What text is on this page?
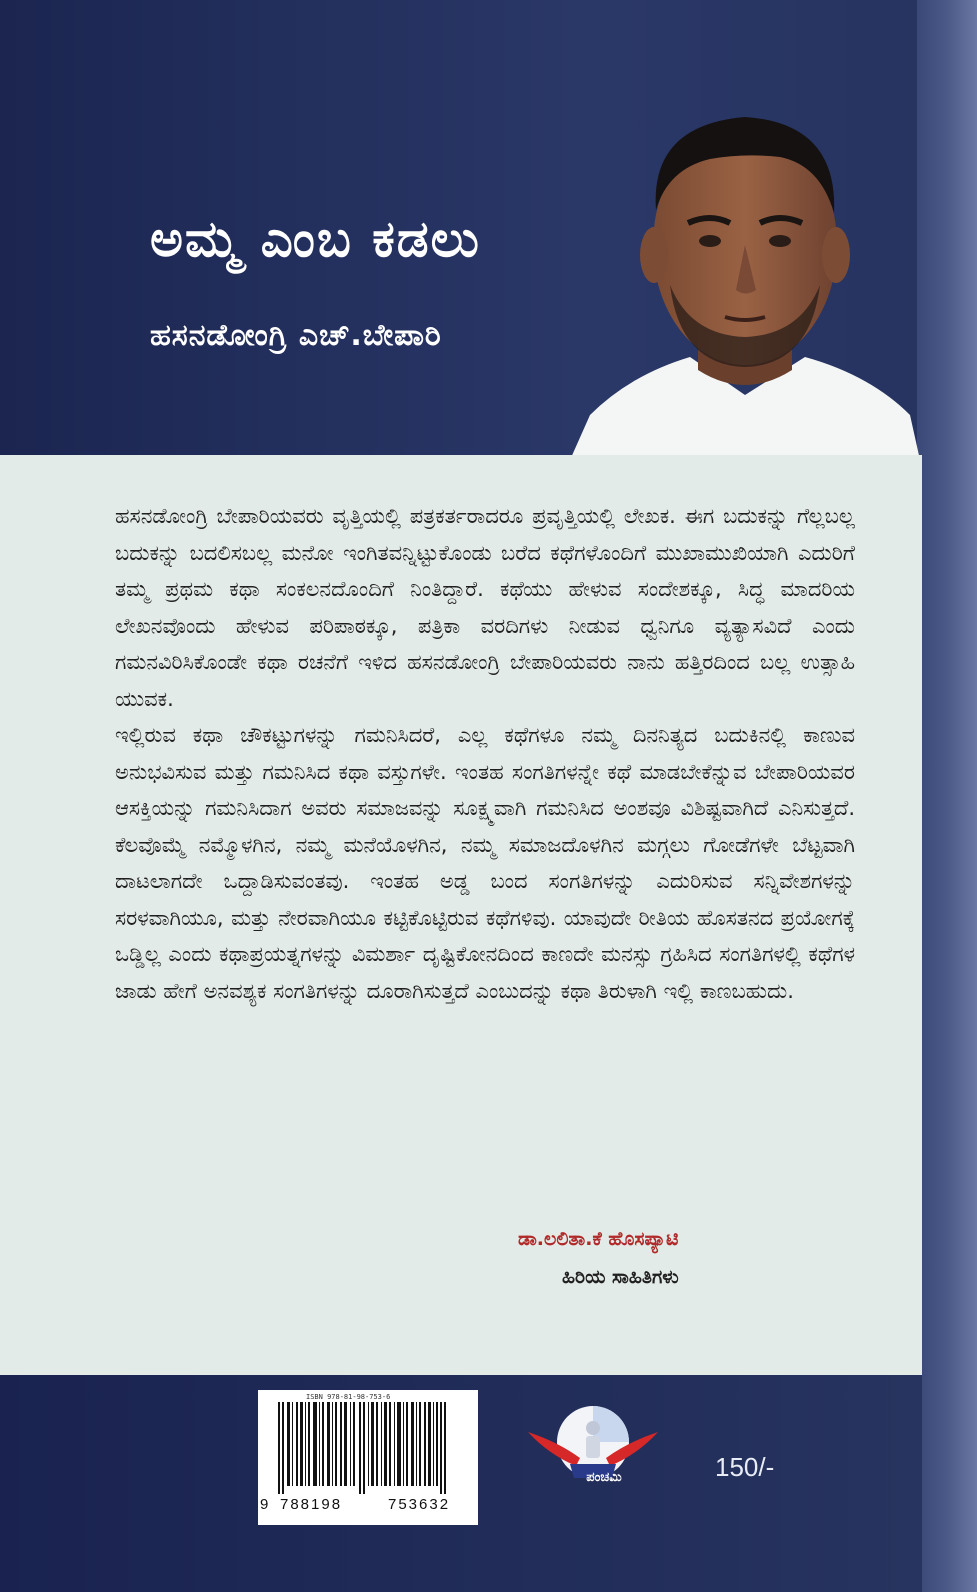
ಅಮ್ಮ ಎಂಬ ಕಡಲು
ಹಸನಡೋಂಗ್ರಿ ಎಚ್.ಬೇಪಾರಿ

ಹಸನಡೋಂಗ್ರಿ ಬೇಪಾರಿಯವರು ವೃತ್ತಿಯಲ್ಲಿ ಪತ್ರಕರ್ತರಾದರೂ ಪ್ರವೃತ್ತಿಯಲ್ಲಿ ಲೇಖಕ. ಈಗ ಬದುಕನ್ನು ಗೆಲ್ಲಬಲ್ಲ ಬದುಕನ್ನು ಬದಲಿಸಬಲ್ಲ ಮನೋ ಇಂಗಿತವನ್ನಿಟ್ಟುಕೊಂಡು ಬರೆದ ಕಥೆಗಳೊಂದಿಗೆ ಮುಖಾಮುಖಿಯಾಗಿ ಎದುರಿಗೆ ತಮ್ಮ ಪ್ರಥಮ ಕಥಾ ಸಂಕಲನದೊಂದಿಗೆ ನಿಂತಿದ್ದಾರೆ. ಕಥೆಯು ಹೇಳುವ ಸಂದೇಶಕ್ಕೂ, ಸಿದ್ಧ ಮಾದರಿಯ ಲೇಖನವೊಂದು ಹೇಳುವ ಪರಿಪಾಠಕ್ಕೂ, ಪತ್ರಿಕಾ ವರದಿಗಳು ನೀಡುವ ಧ್ವನಿಗೂ ವ್ಯತ್ಯಾಸವಿದೆ ಎಂದು ಗಮನವಿರಿಸಿಕೊಂಡೇ ಕಥಾ ರಚನೆಗೆ ಇಳಿದ ಹಸನಡೋಂಗ್ರಿ ಬೇಪಾರಿಯವರು ನಾನು ಹತ್ತಿರದಿಂದ ಬಲ್ಲ ಉತ್ಸಾಹಿ ಯುವಕ.

ಇಲ್ಲಿರುವ ಕಥಾ ಚೌಕಟ್ಟುಗಳನ್ನು ಗಮನಿಸಿದರೆ, ಎಲ್ಲ ಕಥೆಗಳೂ ನಮ್ಮ ದಿನನಿತ್ಯದ ಬದುಕಿನಲ್ಲಿ ಕಾಣುವ ಅನುಭವಿಸುವ ಮತ್ತು ಗಮನಿಸಿದ ಕಥಾ ವಸ್ತುಗಳೇ. ಇಂತಹ ಸಂಗತಿಗಳನ್ನೇ ಕಥೆ ಮಾಡಬೇಕೆನ್ನುವ ಬೇಪಾರಿಯವರ ಆಸಕ್ತಿಯನ್ನು ಗಮನಿಸಿದಾಗ ಅವರು ಸಮಾಜವನ್ನು ಸೂಕ್ಷ್ಮವಾಗಿ ಗಮನಿಸಿದ ಅಂಶವೂ ವಿಶಿಷ್ಟವಾಗಿದೆ ಎನಿಸುತ್ತದೆ. ಕೆಲವೊಮ್ಮೆ ನಮ್ಮೊಳಗಿನ, ನಮ್ಮ ಮನೆಯೊಳಗಿನ, ನಮ್ಮ ಸಮಾಜದೊಳಗಿನ ಮಗ್ಗಲು ಗೋಡೆಗಳೇ ಬೆಟ್ಟವಾಗಿ ದಾಟಲಾಗದೇ ಒದ್ದಾಡಿಸುವಂತವು. ಇಂತಹ ಅಡ್ಡ ಬಂದ ಸಂಗತಿಗಳನ್ನು ಎದುರಿಸುವ ಸನ್ನಿವೇಶಗಳನ್ನು ಸರಳವಾಗಿಯೂ, ಮತ್ತು ನೇರವಾಗಿಯೂ ಕಟ್ಟಿಕೊಟ್ಟಿರುವ ಕಥೆಗಳಿವು. ಯಾವುದೇ ರೀತಿಯ ಹೊಸತನದ ಪ್ರಯೋಗಕ್ಕೆ ಒಡ್ಡಿಲ್ಲ ಎಂದು ಕಥಾಪ್ರಯತ್ನಗಳನ್ನು ವಿಮರ್ಶಾ ದೃಷ್ಟಿಕೋನದಿಂದ ಕಾಣದೇ ಮನಸ್ಸು ಗ್ರಹಿಸಿದ ಸಂಗತಿಗಳಲ್ಲಿ ಕಥೆಗಳ ಜಾಡು ಹೇಗೆ ಅನವಶ್ಯಕ ಸಂಗತಿಗಳನ್ನು ದೂರಾಗಿಸುತ್ತದೆ ಎಂಬುದನ್ನು ಕಥಾ ತಿರುಳಾಗಿ ಇಲ್ಲಿ ಕಾಣಬಹುದು.

ಡಾ.ಲಲಿತಾ.ಕೆ ಹೊಸಪ್ಯಾಟಿ
ಹಿರಿಯ ಸಾಹಿತಿಗಳು
ISBN 978-81-98-753-6
9 788198	753632
ಪಂಚಮಿ	150/-
